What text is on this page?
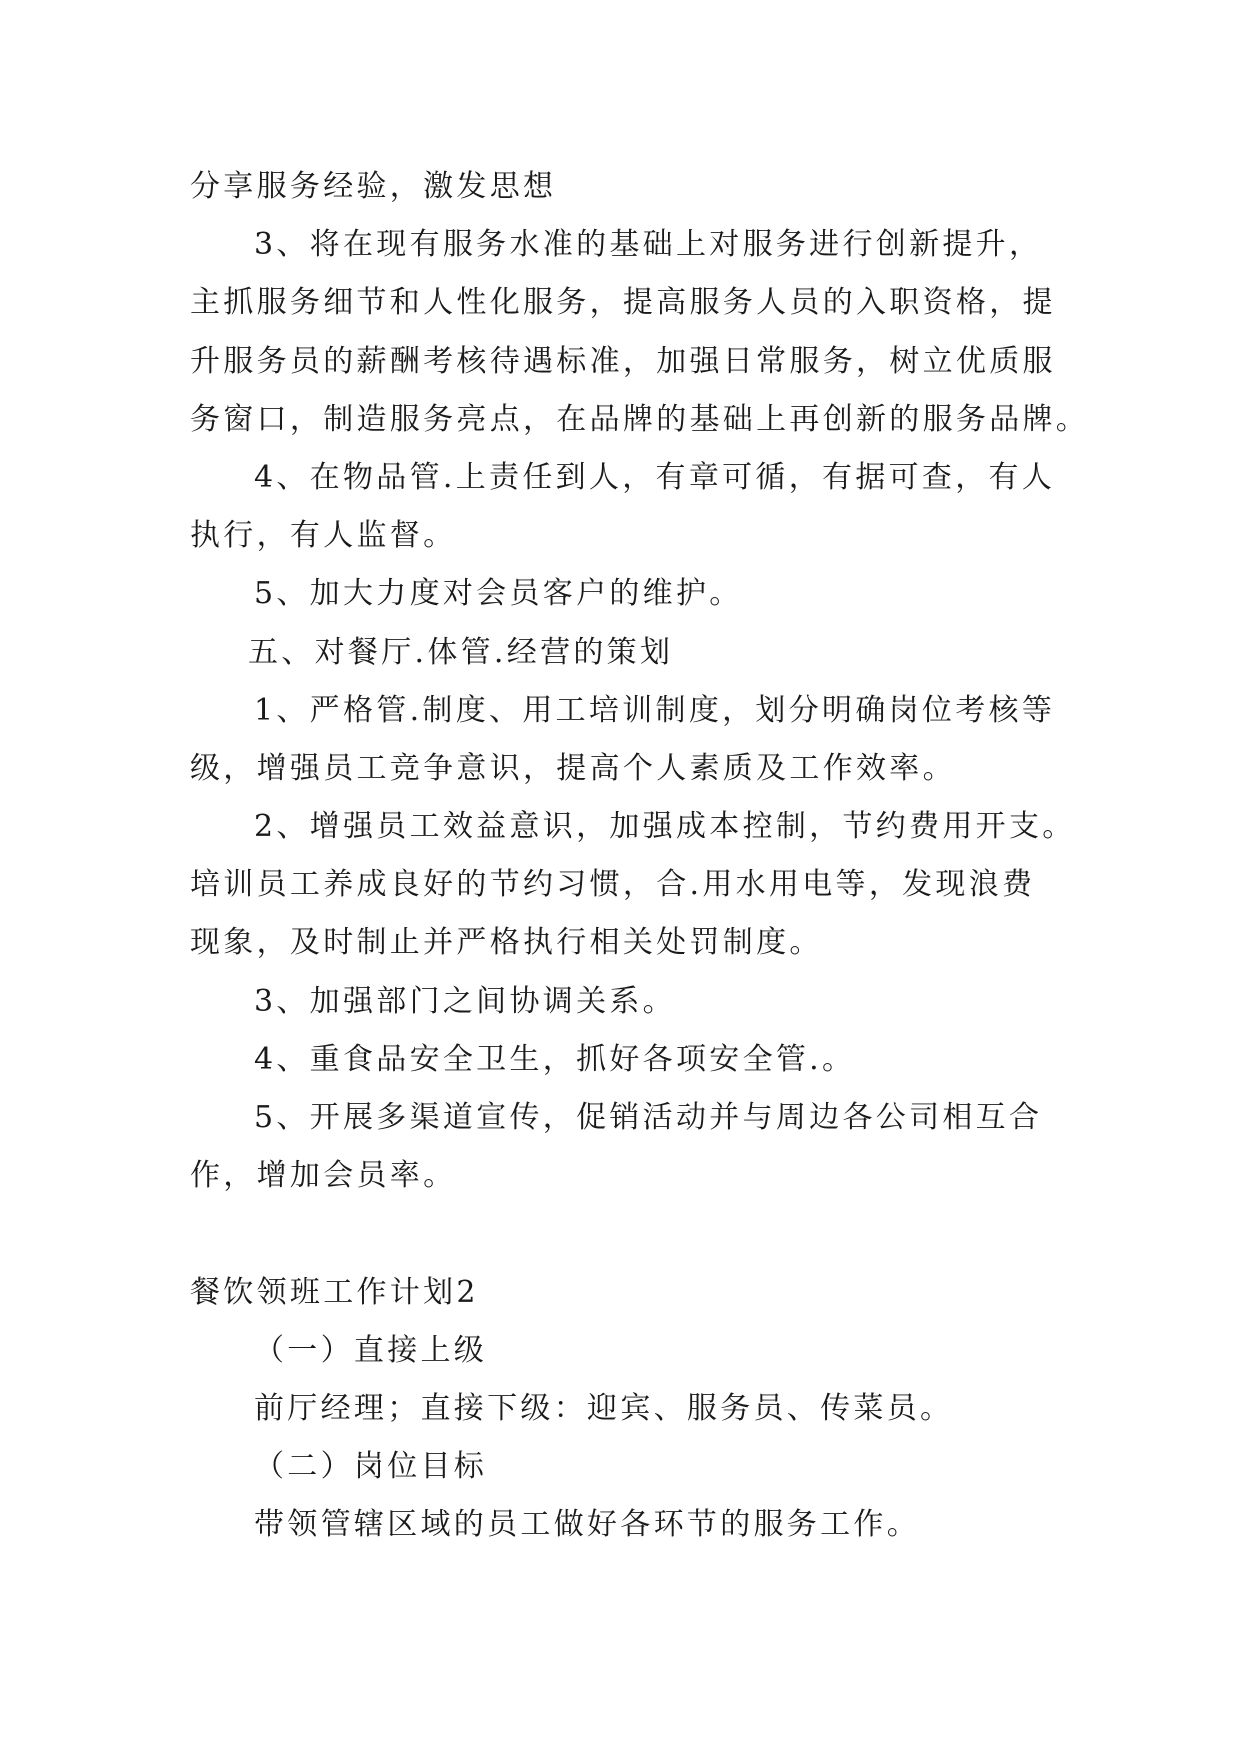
分享服务经验，激发思想
3、将在现有服务水准的基础上对服务进行创新提升，
主抓服务细节和人性化服务，提高服务人员的入职资格，提
升服务员的薪酬考核待遇标准，加强日常服务，树立优质服
务窗口，制造服务亮点，在品牌的基础上再创新的服务品牌。
4、在物品管.上责任到人，有章可循，有据可查，有人
执行，有人监督。
5、加大力度对会员客户的维护。
五、对餐厅.体管.经营的策划
1、严格管.制度、用工培训制度，划分明确岗位考核等
级，增强员工竞争意识，提高个人素质及工作效率。
2、增强员工效益意识，加强成本控制，节约费用开支。
培训员工养成良好的节约习惯，合.用水用电等，发现浪费
现象，及时制止并严格执行相关处罚制度。
3、加强部门之间协调关系。
4、重食品安全卫生，抓好各项安全管.。
5、开展多渠道宣传，促销活动并与周边各公司相互合
作，增加会员率。
餐饮领班工作计划2
（一）直接上级
前厅经理；直接下级：迎宾、服务员、传菜员。
（二）岗位目标
带领管辖区域的员工做好各环节的服务工作。
